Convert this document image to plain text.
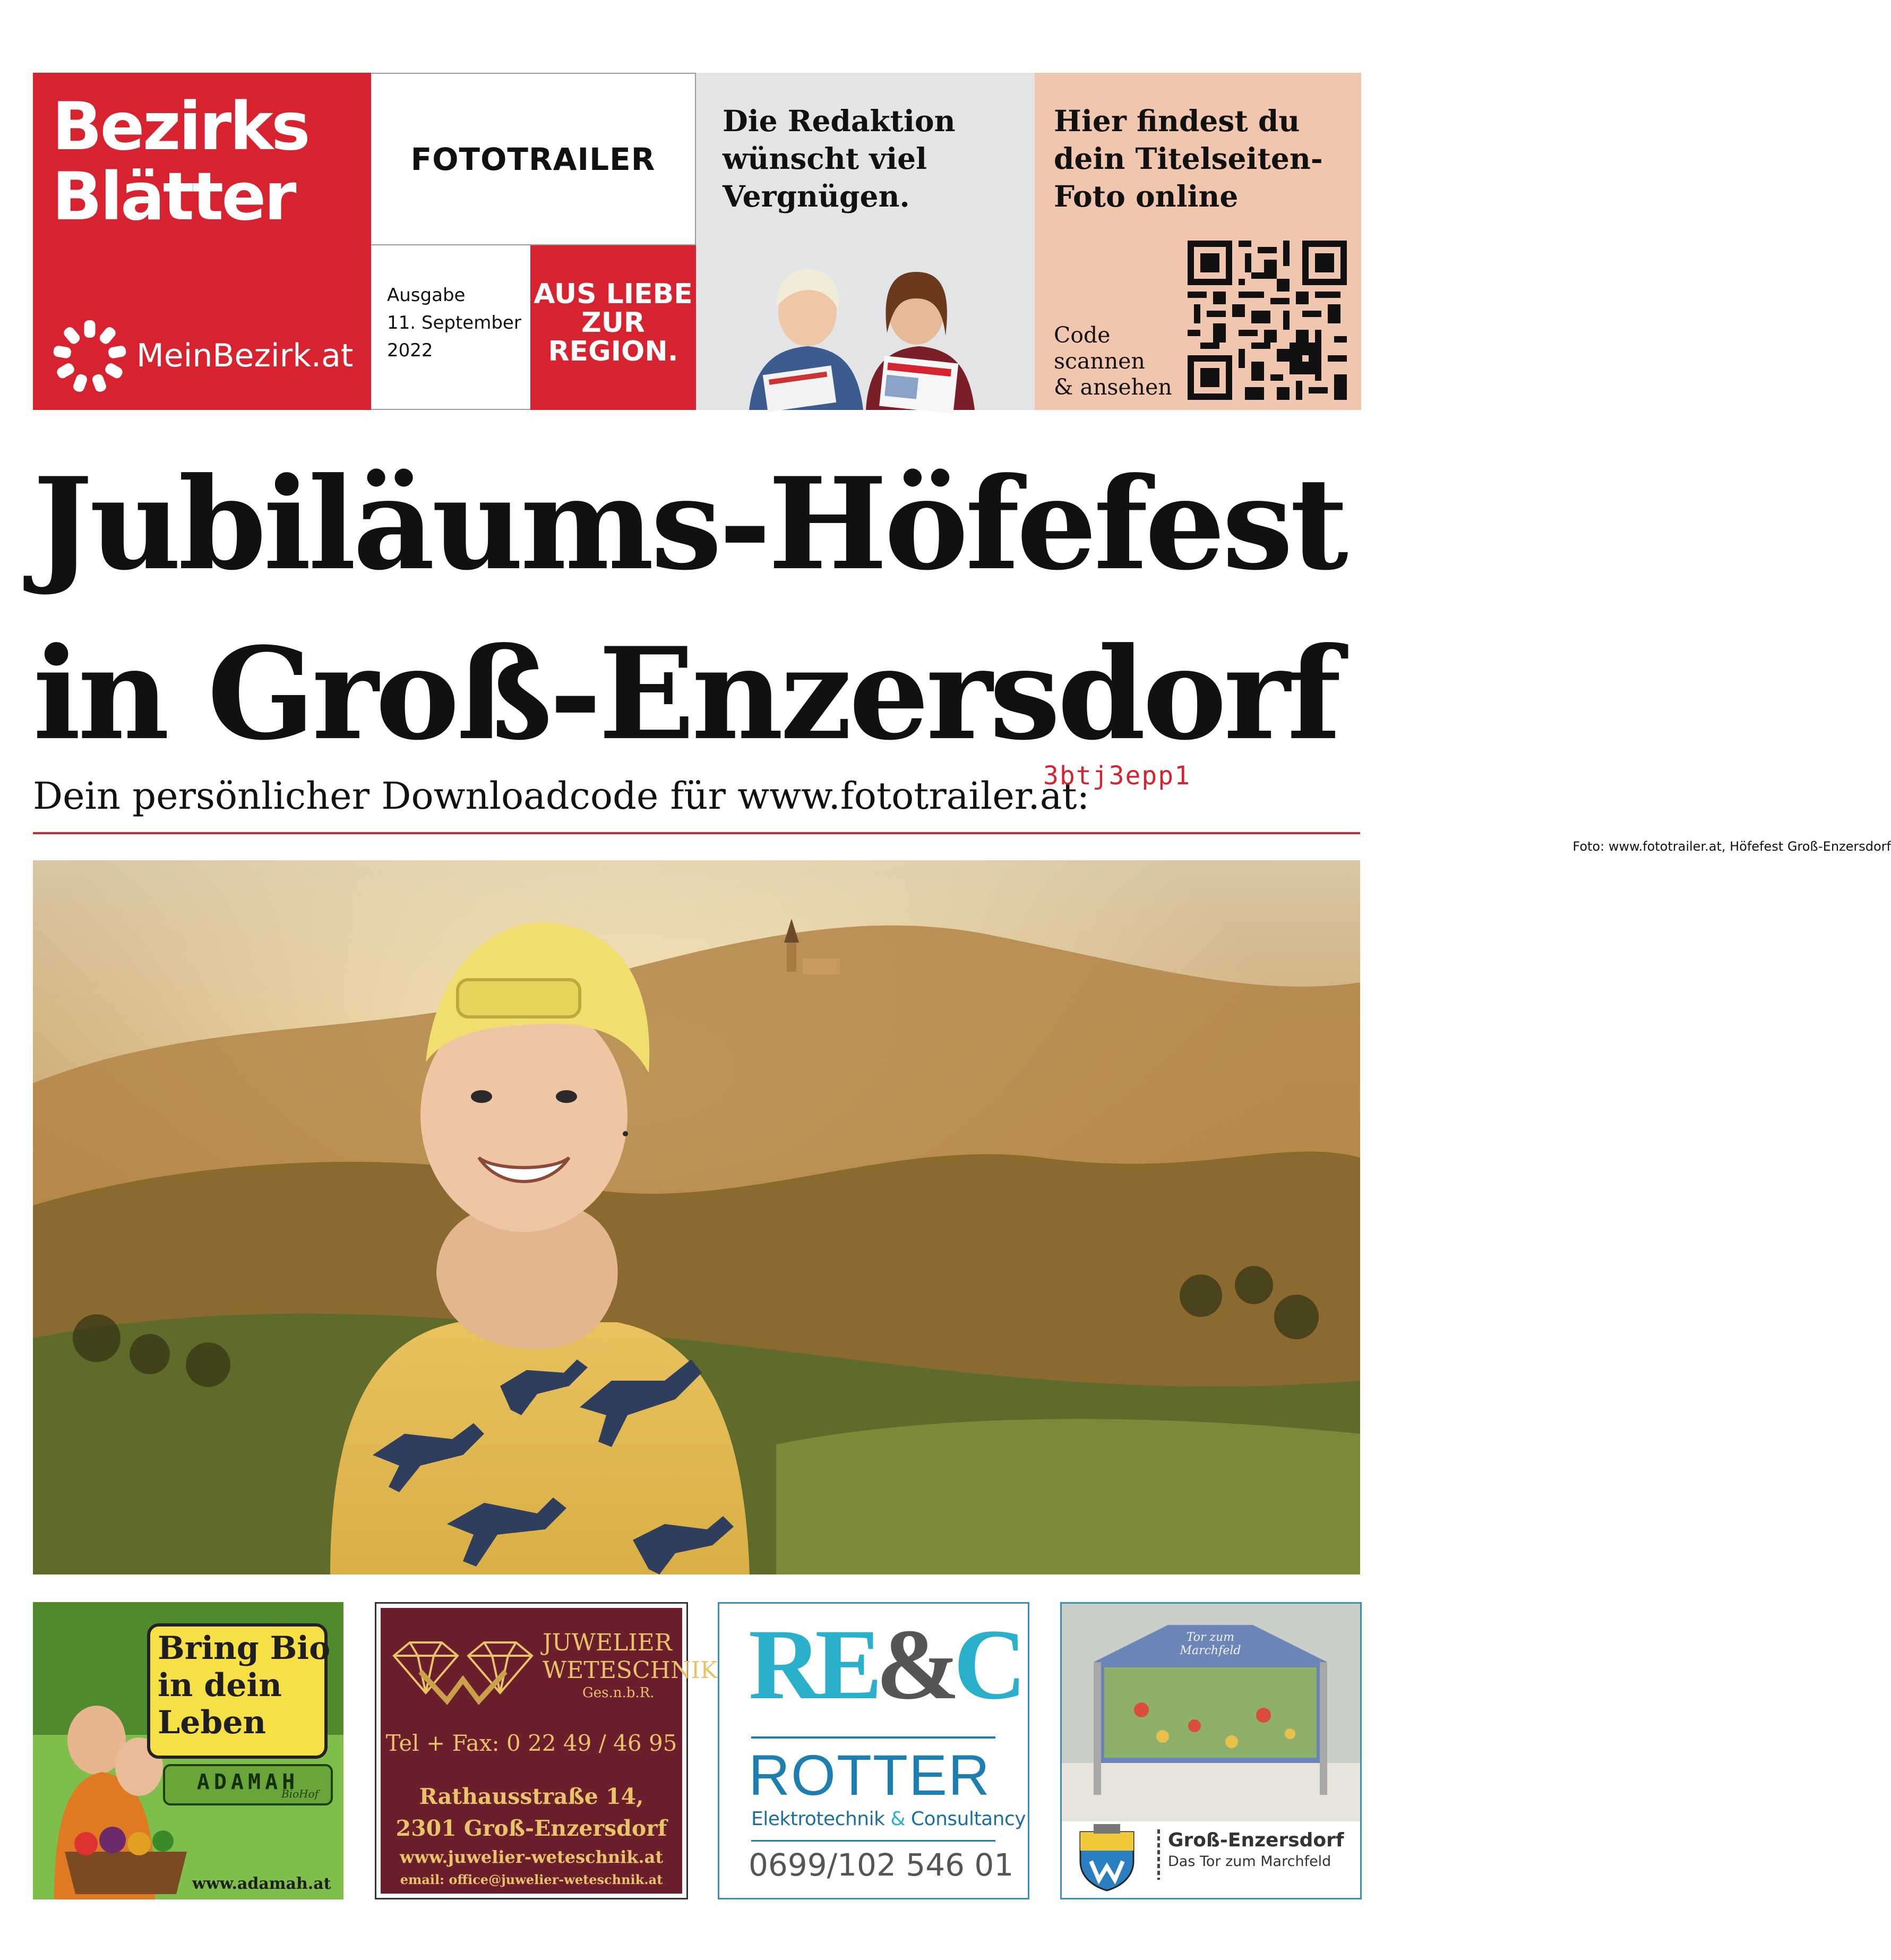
Bezirks
Blätter
MeinBezirk.at
FOTOTRAILER
Ausgabe
11. September
2022
AUS LIEBE
ZUR
REGION.
Die Redaktion
wünscht viel
Vergnügen.
Hier findest du
dein Titelseiten-
Foto online
Code
scannen
& ansehen
Jubiläums-Höfefest
in Groß-Enzersdorf
Dein persönlicher Downloadcode für www.fototrailer.at:
3btj3epp1
Foto: www.fototrailer.at, Höfefest Groß-Enzersdorf
Bring Bio
in dein
Leben
ADAMAH
BioHof
www.adamah.at
JUWELIER
WETESCHNIK
Ges.n.b.R.
Tel + Fax: 0 22 49 / 46 95
Rathausstraße 14,
2301 Groß-Enzersdorf
www.juwelier-weteschnik.at
email: office@juwelier-weteschnik.at
RE&C
ROTTER
Elektrotechnik & Consultancy
0699/102 546 01
Tor zum
Marchfeld
Groß-Enzersdorf
Das Tor zum Marchfeld
